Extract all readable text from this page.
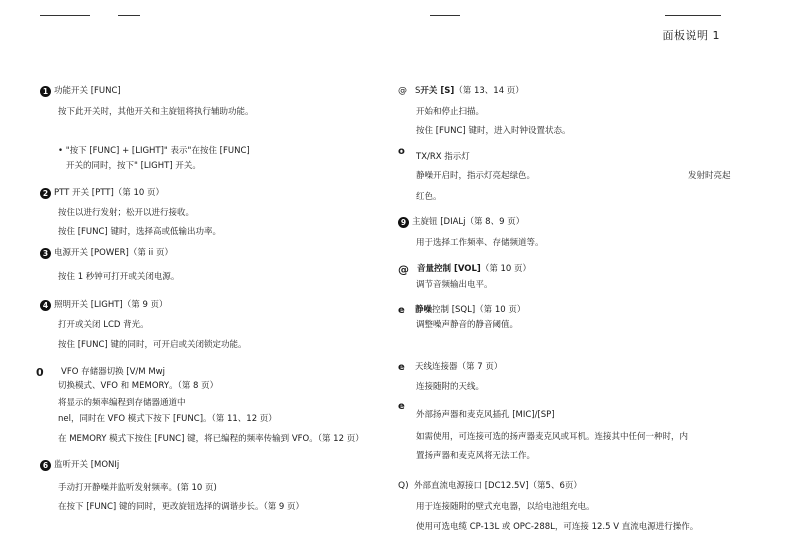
面板说明 1
1 功能开关 [FUNC]
按下此开关时，其他开关和主旋钮将执行辅助功能。
• "按下 [FUNC] + [LIGHT]" 表示"在按住 [FUNC]
开关的同时，按下" [LIGHT] 开关。
2 PTT 开关 [PTT]（第 10 页）
按住以进行发射；松开以进行接收。
按住 [FUNC] 键时，选择高或低输出功率。
3 电源开关 [POWER]（第 ii 页）
按住 1 秒钟可打开或关闭电源。
4 照明开关 [LIGHT]（第 9 页）
打开或关闭 LCD 背光。
按住 [FUNC] 键的同时，可开启或关闭锁定功能。
0	VFO 存储器切换 [V/M Mwj
切换模式、VFO 和 MEMORY。（第 8 页）
将显示的频率编程到存储器通道中
nel，同时在 VFO 模式下按下 [FUNC]。（第 11、12 页）
在 MEMORY 模式下按住 [FUNC] 键，将已编程的频率传输到 VFO。（第 12 页）
6 监听开关 [MONIj
手动打开静噪并监听发射频率。(第 10 页)
在按下 [FUNC] 键的同时，更改旋钮选择的调谐步长。（第 9 页）
@ S 开关 [S] （第 13、14 页）
开始和停止扫描。
按住 [FUNC] 键时，进入时钟设置状态。
o	TX/RX 指示灯
静噪开启时，指示灯亮起绿色。	发射时亮起
红色。
9 主旋钮 [DIALj（第 8、9 页）
用于选择工作频率、存储频道等。
@ 音量控制 [VOL] （第 10 页）
调节音频输出电平。
e	静噪 控制 [SQL]（第 10 页）
调整噪声静音的静音阈值。
e	天线连接器（第 7 页）
连接随附的天线。
e
外部扬声器和麦克风插孔 [MIC]/[SP]
如需使用，可连接可选的扬声器麦克风或耳机。连接其中任何一种时，内
置扬声器和麦克风将无法工作。
Q) 外部直流电源接口 [DC12.5V]（第5、6页）
用于连接随附的壁式充电器，以给电池组充电。
使用可选电缆 CP-13L 或 OPC-288L，可连接 12.5 V 直流电源进行操作。
